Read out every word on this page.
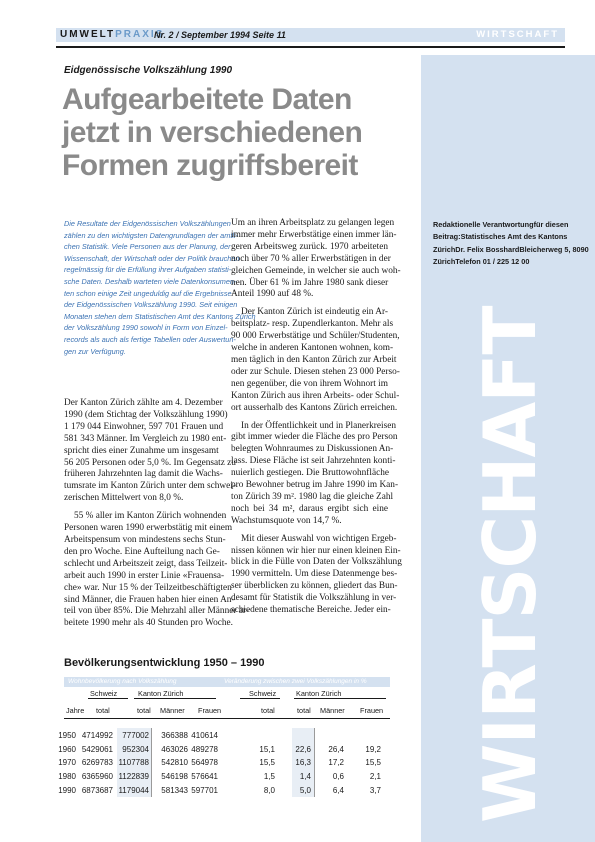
WIRTSCHAFT
UMWELTPRAXIS
Nr. 2 / September 1994 Seite 11	WIRTSCHAFT
Eidgenössische Volkszählung 1990
Aufgearbeitete Daten
jetzt in verschiedenen
Formen zugriffsbereit
Die Resultate der Eidgenössischen Volkszählungen
zählen zu den wichtigsten Datengrundlagen der amtli-
chen Statistik. Viele Personen aus der Planung, der
Wissenschaft, der Wirtschaft oder der Politik brauchen
regelmässig für die Erfüllung ihrer Aufgaben statisti-
sche Daten. Deshalb warteten viele Datenkonsumen-
ten schon einige Zeit ungeduldig auf die Ergebnisse
der Eidgenössischen Volkszählung 1990. Seit einigen
Monaten stehen dem Statistischen Amt des Kantons Zürich
der Volkszählung 1990 sowohl in Form von Einzel-
records als auch als fertige Tabellen oder Auswertun-
gen zur Verfügung.
Der Kanton Zürich zählte am 4. Dezember
1990 (dem Stichtag der Volkszählung 1990)
1 179 044 Einwohner, 597 701 Frauen und
581 343 Männer. Im Vergleich zu 1980 ent-
spricht dies einer Zunahme um insgesamt
56 205 Personen oder 5,0 %. Im Gegensatz zu
früheren Jahrzehnten lag damit die Wachs-
tumsrate im Kanton Zürich unter dem schwei-
zerischen Mittelwert von 8,0 %.
55 % aller im Kanton Zürich wohnenden
Personen waren 1990 erwerbstätig mit einem
Arbeitspensum von mindestens sechs Stun-
den pro Woche. Eine Aufteilung nach Ge-
schlecht und Arbeitszeit zeigt, dass Teilzeit-
arbeit auch 1990 in erster Linie «Frauensa-
che» war. Nur 15 % der Teilzeitbeschäftigten
sind Männer, die Frauen haben hier einen An-
teil von über 85%. Die Mehrzahl aller Männer ar-
beitete 1990 mehr als 40 Stunden pro Woche.
Um an ihren Arbeitsplatz zu gelangen legen
immer mehr Erwerbstätige einen immer län-
geren Arbeitsweg zurück. 1970 arbeiteten
noch über 70 % aller Erwerbstätigen in der
gleichen Gemeinde, in welcher sie auch woh-
nen. Über 61 % im Jahre 1980 sank dieser
Anteil 1990 auf 48 %.
Der Kanton Zürich ist eindeutig ein Ar-
beitsplatz- resp. Zupendlerkanton. Mehr als
90 000 Erwerbstätige und Schüler/Studenten,
welche in anderen Kantonen wohnen, kom-
men täglich in den Kanton Zürich zur Arbeit
oder zur Schule. Diesen stehen 23 000 Perso-
nen gegenüber, die von ihrem Wohnort im
Kanton Zürich aus ihren Arbeits- oder Schul-
ort ausserhalb des Kantons Zürich erreichen.
In der Öffentlichkeit und in Planerkreisen
gibt immer wieder die Fläche des pro Person
belegten Wohnraumes zu Diskussionen An-
lass. Diese Fläche ist seit Jahrzehnten konti-
nuierlich gestiegen. Die Bruttowohnfläche
pro Bewohner betrug im Jahre 1990 im Kan-
ton Zürich 39 m². 1980 lag die gleiche Zahl
noch bei 34 m², daraus ergibt sich eine
Wachstumsquote von 14,7 %.
Mit dieser Auswahl von wichtigen Ergeb-
nissen können wir hier nur einen kleinen Ein-
blick in die Fülle von Daten der Volkszählung
1990 vermitteln. Um diese Datenmenge bes-
ser überblicken zu können, gliedert das Bun-
desamt für Statistik die Volkszählung in ver-
schiedene thematische Bereiche. Jeder ein-
Redaktionelle Verantwortungfür diesen Beitrag:Statistisches Amt des Kantons ZürichDr. Felix BosshardBleicherweg 5, 8090 ZürichTelefon 01 / 225 12 00
Bevölkerungsentwicklung 1950 – 1990
Wohnbevölkerung nach Volkszählung	Veränderung zwischen zwei Volkszählungen in %
Schweiz	Kanton Zürich	Schweiz	Kanton Zürich
Jahre total	total Männer Frauen	total	total Männer Frauen
1950 4714992	777002	366388 410614
1960 5429061	952304	463026 489278	15,1	22,6	26,4	19,2
1970 6269783 1107788	542810 564978	15,5	16,3	17,2	15,5
1980 6365960 1122839	546198 576641	1,5	1,4	0,6	2,1
1990 6873687 1179044	581343 597701	8,0	5,0	6,4	3,7
